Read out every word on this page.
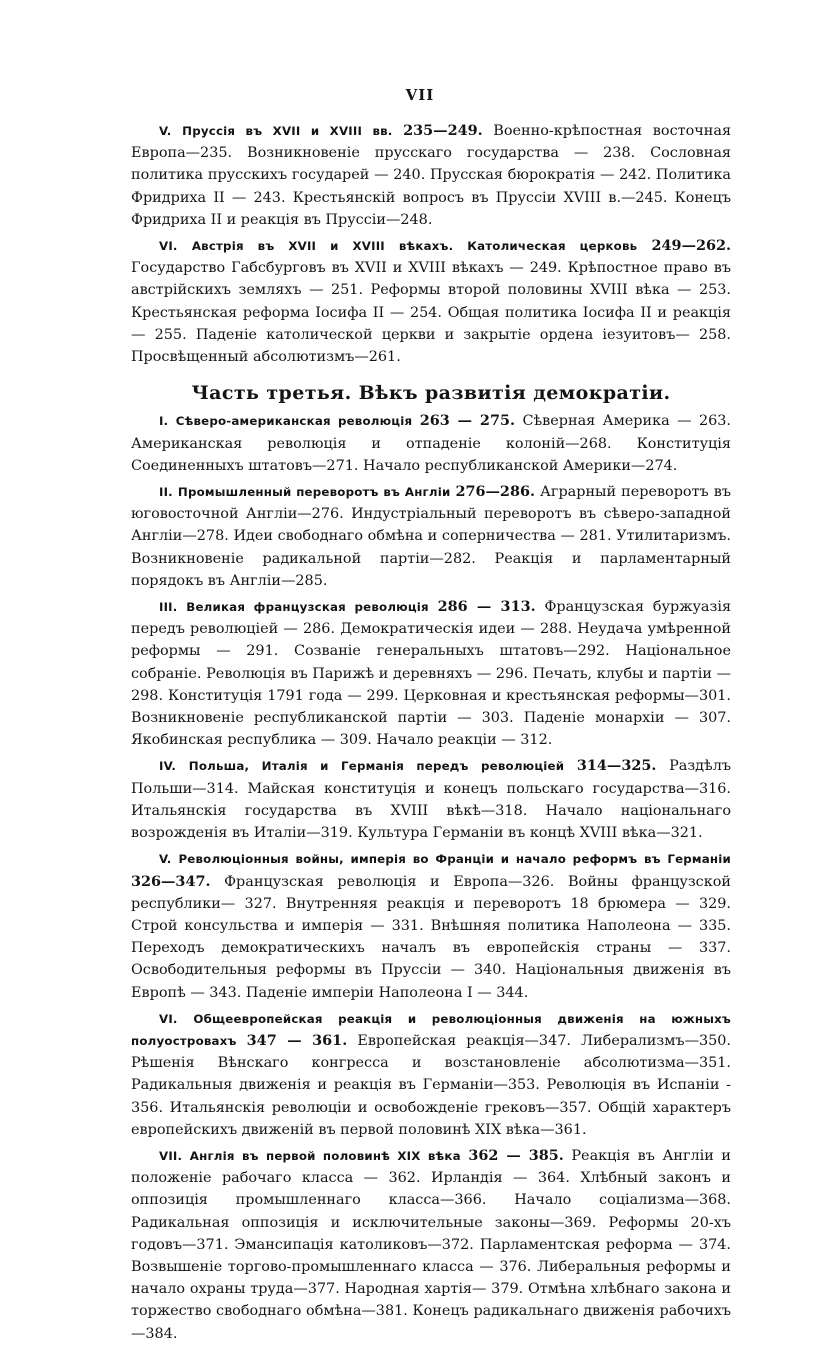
VII

V. Пруссія въ XVII и XVIII вв. 235—249. Военно-крѣпостная восточная Европа—235. Возникновеніе прусскаго государства — 238. Сословная политика прусскихъ государей — 240. Прусская бюрократія — 242. Политика Фридриха II — 243. Крестьянскій вопросъ въ Пруссіи XVIII в.—245. Конецъ Фридриха II и реакція въ Пруссіи—248.

VI. Австрія въ XVII и XVIII вѣкахъ. Католическая церковь 249—262. Государство Габсбурговъ въ XVII и XVIII вѣкахъ — 249. Крѣпостное право въ австрійскихъ земляхъ — 251. Реформы второй половины XVIII вѣка — 253. Крестьянская реформа Іосифа II — 254. Общая политика Іосифа II и реакція — 255. Паденіе католической церкви и закрытіе ордена іезуитовъ— 258. Просвѣщенный абсолютизмъ—261.

Часть третья. Вѣкъ развитія демократіи.

I. Сѣверо-американская революція 263 — 275. Сѣверная Америка — 263. Американская революція и отпаденіе колоній—268. Конституція Соединенныхъ штатовъ—271. Начало республиканской Америки—274.

II. Промышленный переворотъ въ Англіи 276—286. Аграрный переворотъ въ юговосточной Англіи—276. Индустріальный переворотъ въ сѣверо-западной Англіи—278. Идеи свободнаго обмѣна и соперничества — 281. Утилитаризмъ. Возникновеніе радикальной партіи—282. Реакція и парламентарный порядокъ въ Англіи—285.

III. Великая французская революція 286 — 313. Французская буржуазія передъ революціей — 286. Демократическія идеи — 288. Неудача умѣренной реформы — 291. Созваніе генеральныхъ штатовъ—292. Національное собраніе. Революція въ Парижѣ и деревняхъ — 296. Печать, клубы и партіи — 298. Конституція 1791 года — 299. Церковная и крестьянская реформы—301. Возникновеніе республиканской партіи — 303. Паденіе монархіи — 307. Якобинская республика — 309. Начало реакціи — 312.

IV. Польша, Италія и Германія передъ революціей 314—325. Раздѣлъ Польши—314. Майская конституція и конецъ польскаго государства—316. Итальянскія государства въ XVIII вѣкѣ—318. Начало національнаго возрожденія въ Италіи—319. Культура Германіи въ концѣ XVIII вѣка—321.

V. Революціонныя войны, имперія во Франціи и начало реформъ въ Германіи 326—347. Французская революція и Европа—326. Войны французской республики— 327. Внутренняя реакція и переворотъ 18 брюмера — 329. Строй консульства и имперія — 331. Внѣшняя политика Наполеона — 335. Переходъ демократическихъ началъ въ европейскія страны — 337. Освободительныя реформы въ Пруссіи — 340. Національныя движенія въ Европѣ — 343. Паденіе имперіи Наполеона I — 344.

VI. Общеевропейская реакція и революціонныя движенія на южныхъ полуостровахъ 347 — 361. Европейская реакція—347. Либерализмъ—350. Рѣшенія Вѣнскаго конгресса и возстановленіе абсолютизма—351. Радикальныя движенія и реакція въ Германіи—353. Революція въ Испаніи - 356. Итальянскія революціи и освобожденіе грековъ—357. Общій характеръ европейскихъ движеній въ первой половинѣ XIX вѣка—361.

VII. Англія въ первой половинѣ XIX вѣка 362 — 385. Реакція въ Англіи и положеніе рабочаго класса — 362. Ирландія — 364. Хлѣбный законъ и оппозиція промышленнаго класса—366. Начало соціализма—368. Радикальная оппозиція и исключительные законы—369. Реформы 20-хъ годовъ—371. Эмансипація католиковъ—372. Парламентская реформа — 374. Возвышеніе торгово-промышленнаго класса — 376. Либеральныя реформы и начало охраны труда—377. Народная хартія— 379. Отмѣна хлѣбнаго закона и торжество свободнаго обмѣна—381. Конецъ радикальнаго движенія рабочихъ—384.
